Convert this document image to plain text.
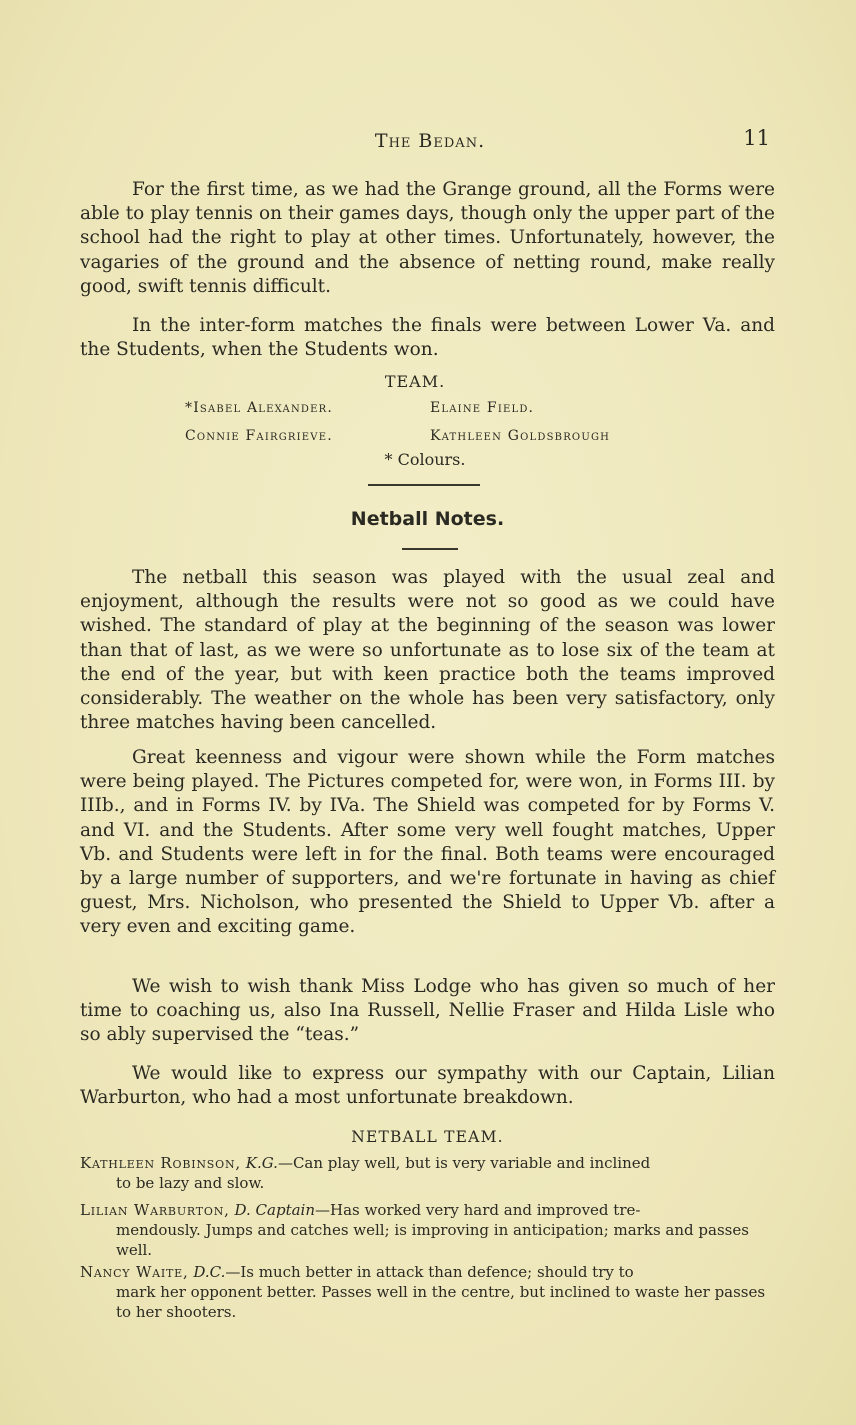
The Bedan.	11

For the first time, as we had the Grange ground, all the Forms were able to play tennis on their games days, though only the upper part of the school had the right to play at other times. Unfortunately, however, the vagaries of the ground and the absence of netting round, make really good, swift tennis difficult.

In the inter-form matches the finals were between Lower Va. and the Students, when the Students won.

TEAM.

*Isabel Alexander.	Elaine Field.
Connie Fairgrieve.	Kathleen Goldsbrough

* Colours.

Netball Notes.

The netball this season was played with the usual zeal and enjoyment, although the results were not so good as we could have wished. The standard of play at the beginning of the season was lower than that of last, as we were so unfortunate as to lose six of the team at the end of the year, but with keen practice both the teams improved considerably. The weather on the whole has been very satisfactory, only three matches having been cancelled.

Great keenness and vigour were shown while the Form matches were being played. The Pictures competed for, were won, in Forms III. by IIIb., and in Forms IV. by IVa. The Shield was competed for by Forms V. and VI. and the Students. After some very well fought matches, Upper Vb. and Students were left in for the final. Both teams were encouraged by a large number of supporters, and we're fortunate in having as chief guest, Mrs. Nicholson, who presented the Shield to Upper Vb. after a very even and exciting game.

We wish to wish thank Miss Lodge who has given so much of her time to coaching us, also Ina Russell, Nellie Fraser and Hilda Lisle who so ably supervised the “teas.”

We would like to express our sympathy with our Captain, Lilian Warburton, who had a most unfortunate breakdown.

NETBALL TEAM.

Kathleen Robinson, K.G.—Can play well, but is very variable and inclined
to be lazy and slow.

Lilian Warburton, D. Captain—Has worked very hard and improved tre-
mendously. Jumps and catches well; is improving in anticipation; marks and passes well.

Nancy Waite, D.C.—Is much better in attack than defence; should try to
mark her opponent better. Passes well in the centre, but inclined to waste her passes to her shooters.
